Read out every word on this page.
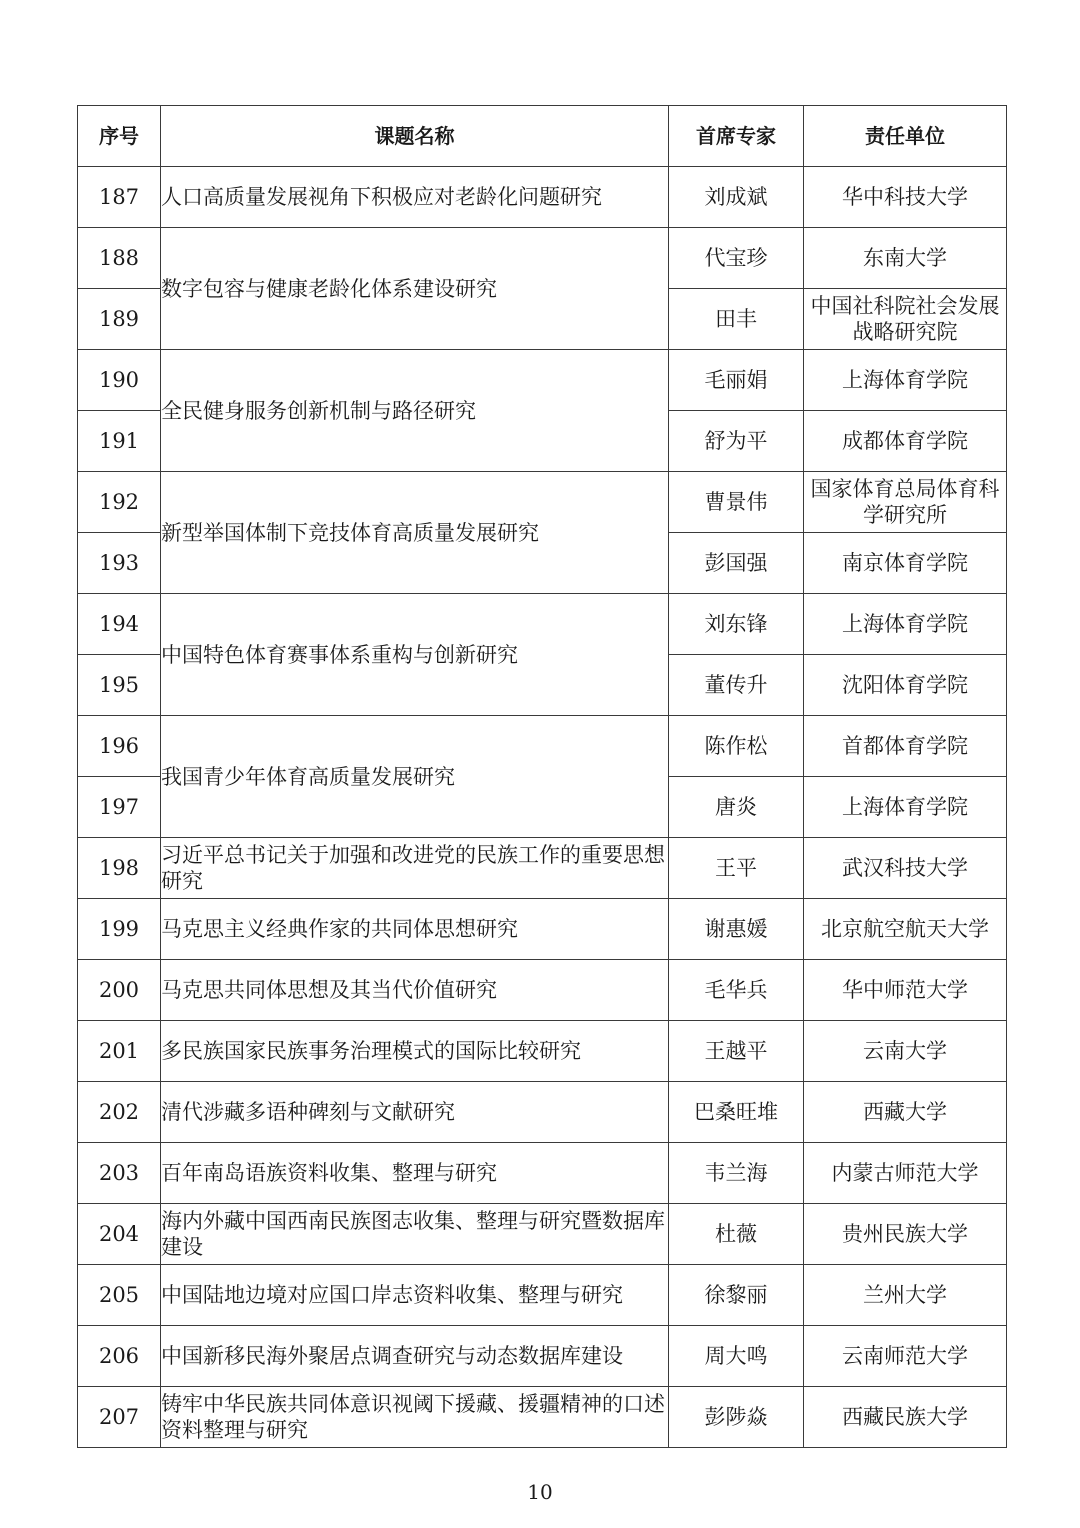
序号	课题名称	首席专家	责任单位
187	人口高质量发展视角下积极应对老龄化问题研究	刘成斌	华中科技大学
188	数字包容与健康老龄化体系建设研究	代宝珍	东南大学
189		田丰	中国社科院社会发展战略研究院
190	全民健身服务创新机制与路径研究	毛丽娟	上海体育学院
191		舒为平	成都体育学院
192	新型举国体制下竞技体育高质量发展研究	曹景伟	国家体育总局体育科学研究所
193		彭国强	南京体育学院
194	中国特色体育赛事体系重构与创新研究	刘东锋	上海体育学院
195		董传升	沈阳体育学院
196	我国青少年体育高质量发展研究	陈作松	首都体育学院
197		唐炎	上海体育学院
198	习近平总书记关于加强和改进党的民族工作的重要思想研究	王平	武汉科技大学
199	马克思主义经典作家的共同体思想研究	谢惠媛	北京航空航天大学
200	马克思共同体思想及其当代价值研究	毛华兵	华中师范大学
201	多民族国家民族事务治理模式的国际比较研究	王越平	云南大学
202	清代涉藏多语种碑刻与文献研究	巴桑旺堆	西藏大学
203	百年南岛语族资料收集、整理与研究	韦兰海	内蒙古师范大学
204	海内外藏中国西南民族图志收集、整理与研究暨数据库建设	杜薇	贵州民族大学
205	中国陆地边境对应国口岸志资料收集、整理与研究	徐黎丽	兰州大学
206	中国新移民海外聚居点调查研究与动态数据库建设	周大鸣	云南师范大学
207	铸牢中华民族共同体意识视阈下援藏、援疆精神的口述资料整理与研究	彭陟焱	西藏民族大学
10
